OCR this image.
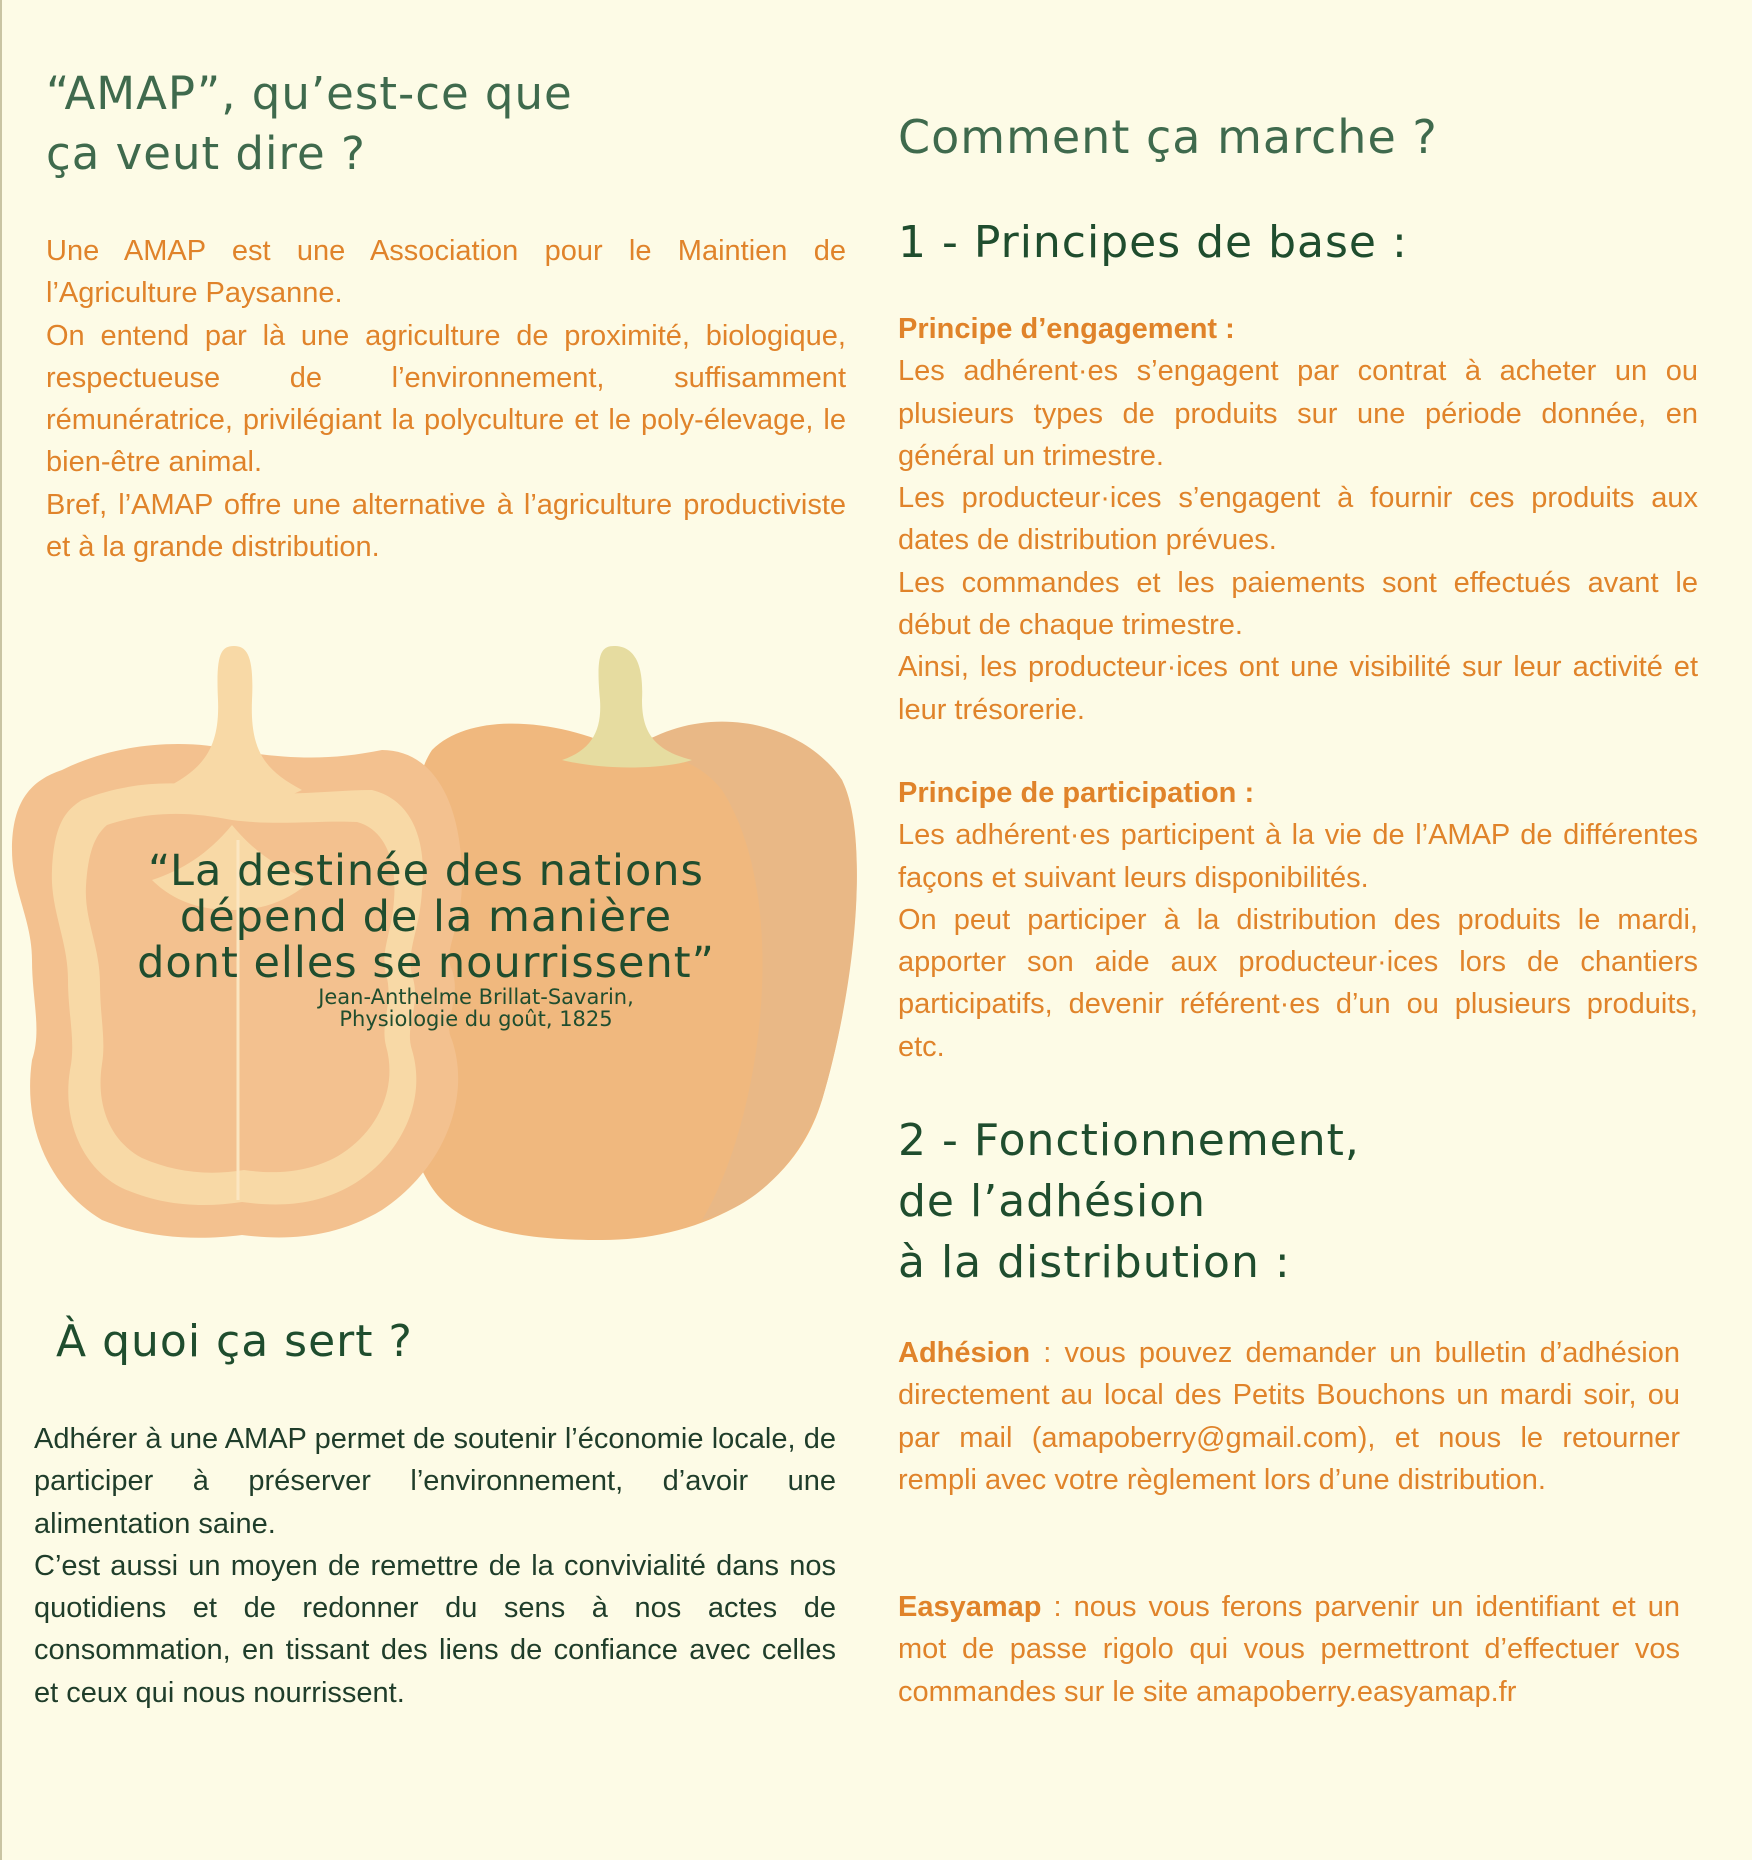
“AMAP”, qu’est-ce que
ça veut dire ?

Une AMAP est une Association pour le Maintien de l’Agriculture Paysanne.

On entend par là une agriculture de proximité, biologique, respectueuse de l’environnement, suffisamment rémunératrice, privilégiant la polyculture et le poly-élevage, le bien-être animal.

Bref, l’AMAP offre une alternative à l’agriculture productiviste et à la grande distribution.

“La destinée des nations

dépend de la manière

dont elles se nourrissent”

Jean-Anthelme Brillat-Savarin,

Physiologie du goût, 1825

À quoi ça sert ?

Adhérer à une AMAP permet de soutenir l’économie locale, de participer à préserver l’environnement, d’avoir une alimentation saine.

C’est aussi un moyen de remettre de la convivialité dans nos quotidiens et de redonner du sens à nos actes de consommation, en tissant des liens de confiance avec celles et ceux qui nous nourrissent.

Comment ça marche ?
1 - Principes de base :

Principe d’engagement :

Les adhérent·es s’engagent par contrat à acheter un ou plusieurs types de produits sur une période donnée, en général un trimestre.

Les producteur·ices s’engagent à fournir ces produits aux dates de distribution prévues.

Les commandes et les paiements sont effectués avant le début de chaque trimestre.

Ainsi, les producteur·ices ont une visibilité sur leur activité et leur trésorerie.

Principe de participation :

Les adhérent·es participent à la vie de l’AMAP de différentes façons et suivant leurs disponibilités.

On peut participer à la distribution des produits le mardi, apporter son aide aux producteur·ices lors de chantiers participatifs, devenir référent·es d’un ou plusieurs produits, etc.

2 - Fonctionnement,
de l’adhésion
à la distribution :

Adhésion : vous pouvez demander un bulletin d’adhésion directement au local des Petits Bouchons un mardi soir, ou par mail (amapoberry@gmail.com), et nous le retourner rempli avec votre règlement lors d’une distribution.

Easyamap : nous vous ferons parvenir un identifiant et un mot de passe rigolo qui vous permettront d’effectuer vos commandes sur le site amapoberry.easyamap.fr
